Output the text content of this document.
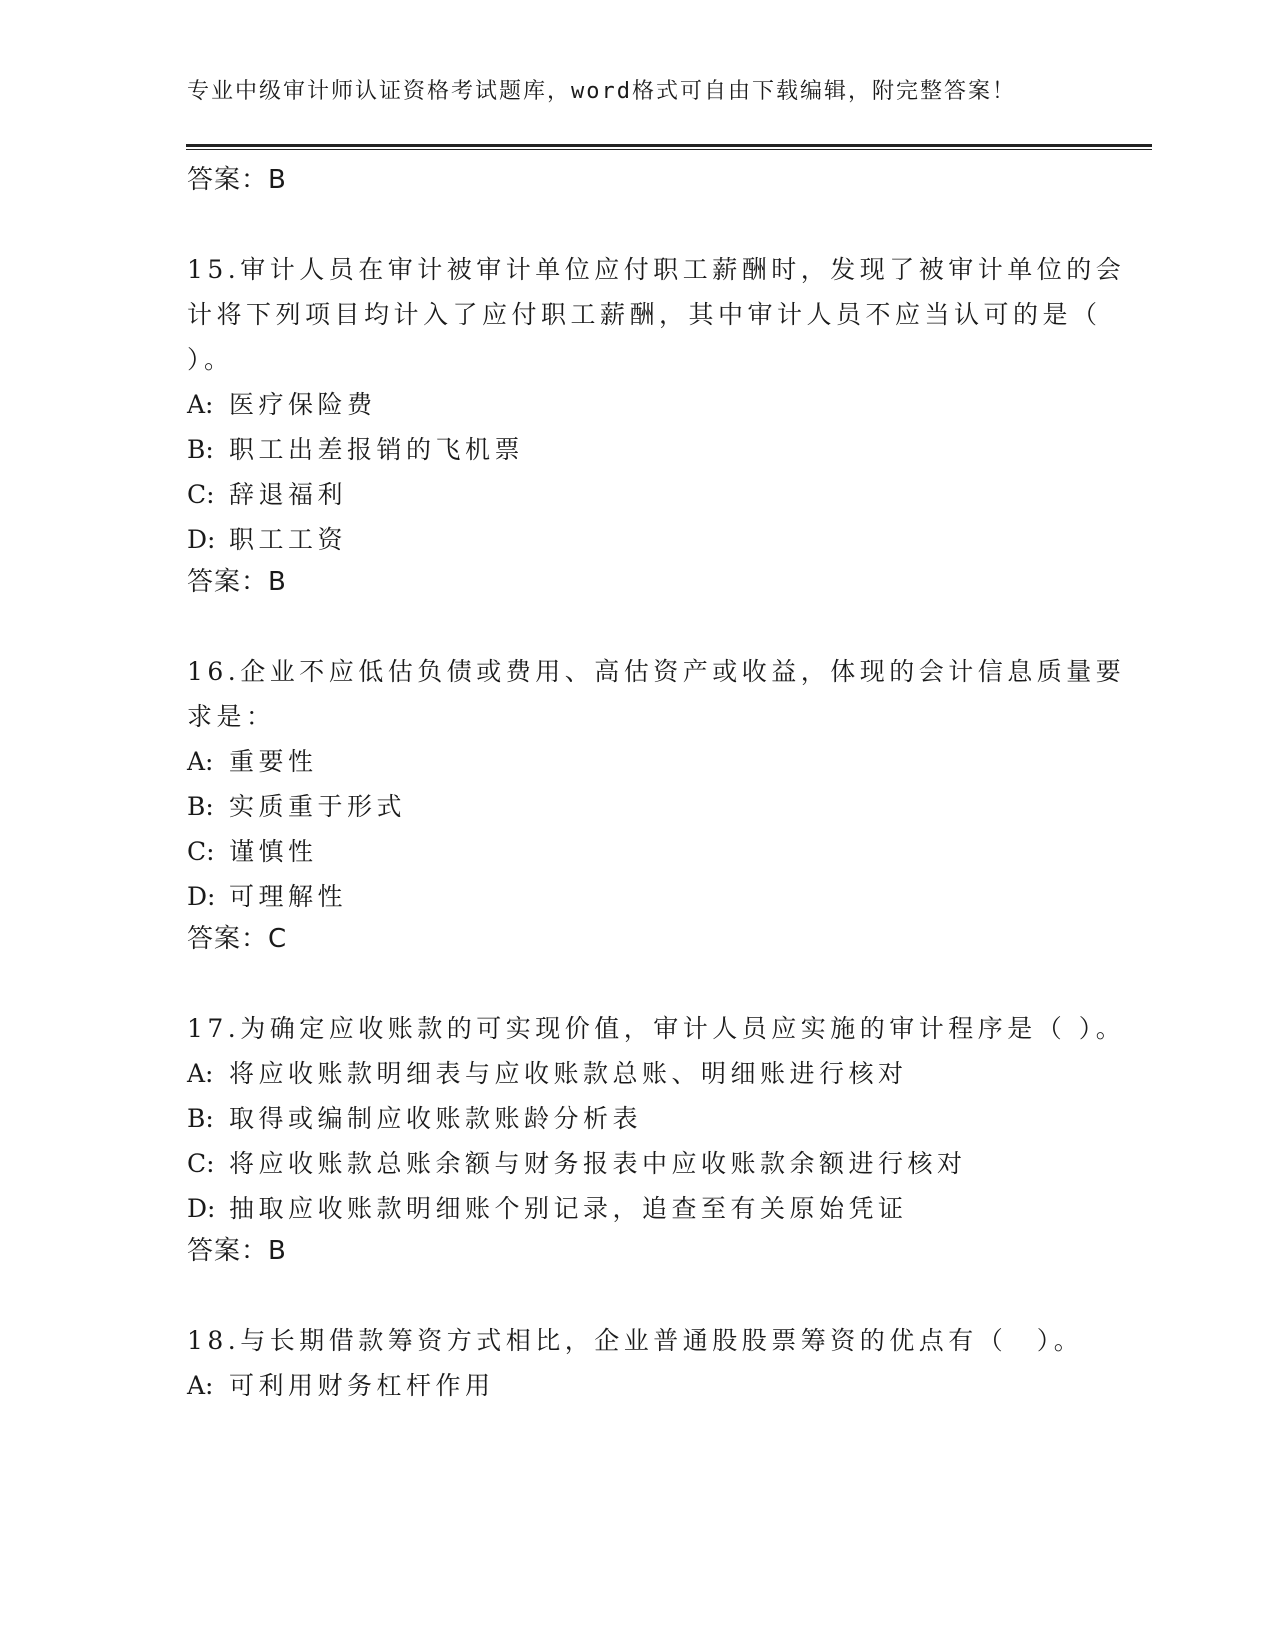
专业中级审计师认证资格考试题库，word格式可自由下载编辑，附完整答案！
答案：B
15.审计人员在审计被审计单位应付职工薪酬时，发现了被审计单位的会计将下列项目均计入了应付职工薪酬，其中审计人员不应当认可的是（ ）。
A: 医疗保险费
B: 职工出差报销的飞机票
C: 辞退福利
D: 职工工资
答案：B
16.企业不应低估负债或费用、高估资产或收益，体现的会计信息质量要求是：
A: 重要性
B: 实质重于形式
C: 谨慎性
D: 可理解性
答案：C
17.为确定应收账款的可实现价值，审计人员应实施的审计程序是（ ）。
A: 将应收账款明细表与应收账款总账、明细账进行核对
B: 取得或编制应收账款账龄分析表
C: 将应收账款总账余额与财务报表中应收账款余额进行核对
D: 抽取应收账款明细账个别记录，追查至有关原始凭证
答案：B
18.与长期借款筹资方式相比，企业普通股股票筹资的优点有（　）。
A: 可利用财务杠杆作用
